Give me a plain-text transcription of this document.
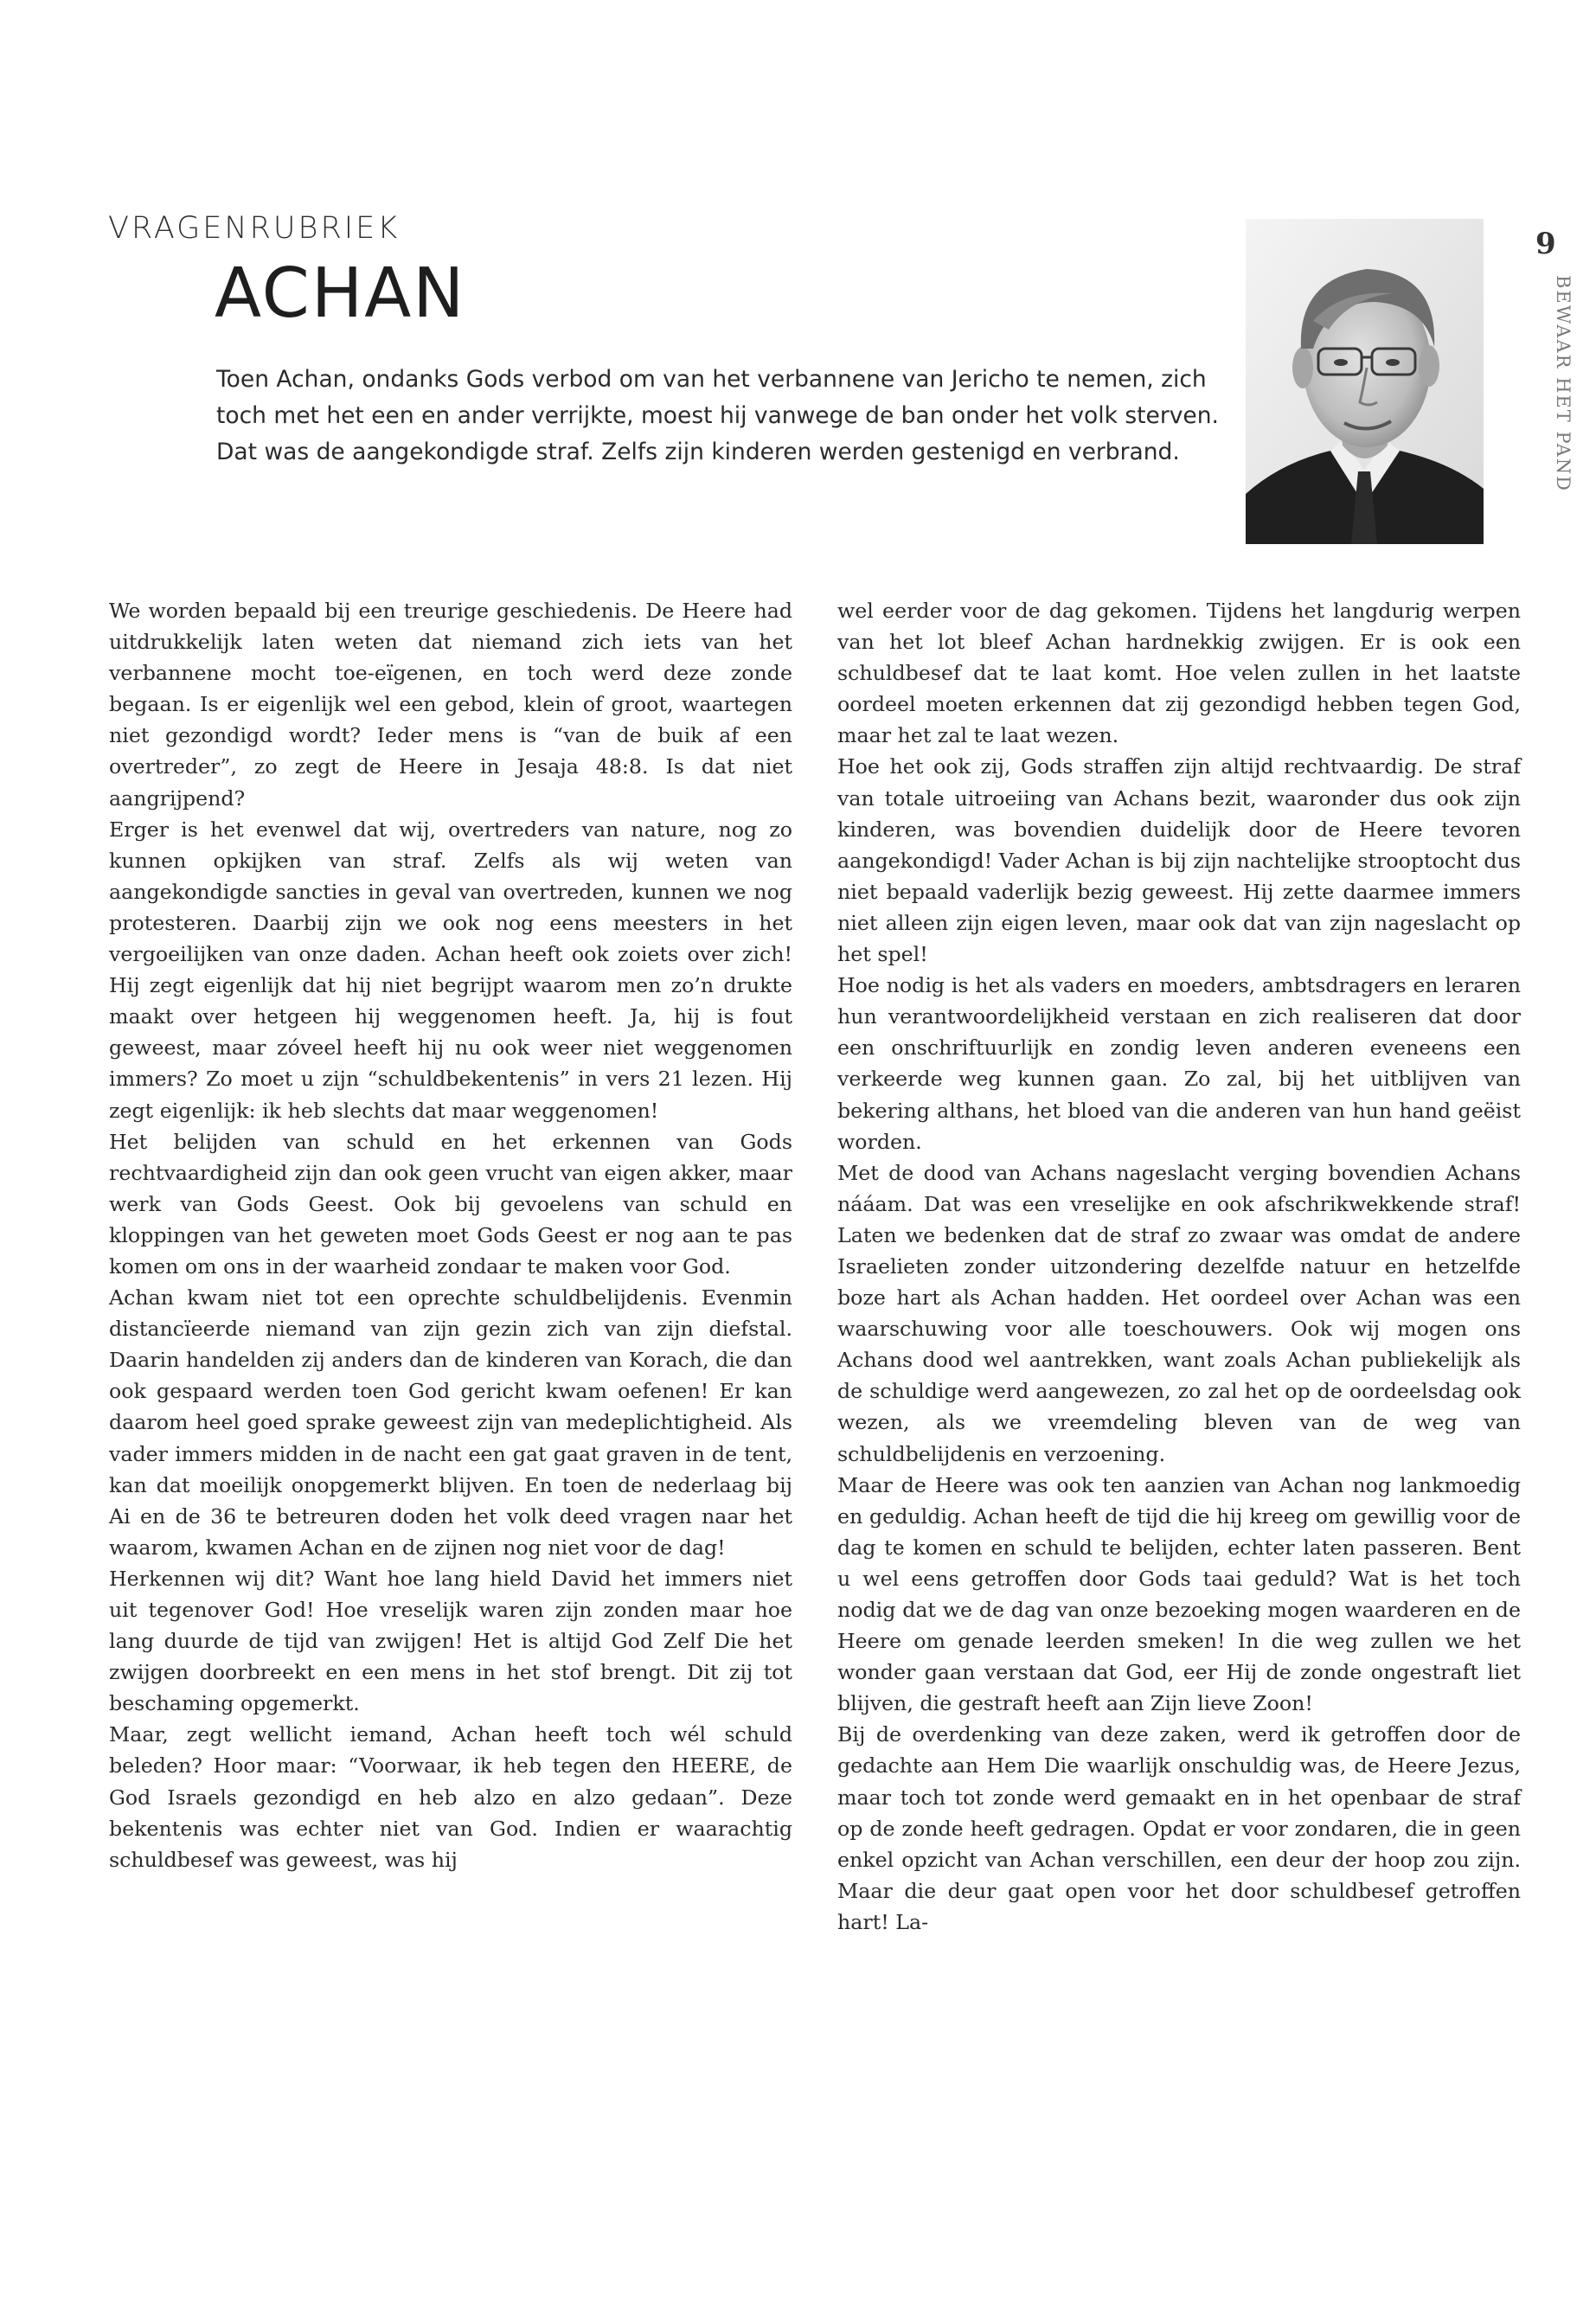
VRAGENRUBRIEK
ACHAN

Toen Achan, ondanks Gods verbod om van het verbannene van Jericho te nemen, zich toch met het een en ander verrijkte, moest hij vanwege de ban onder het volk sterven. Dat was de aangekondigde straf. Zelfs zijn kinderen werden gestenigd en verbrand.

9
BEWAAR HET PAND

We worden bepaald bij een treurige geschiedenis. De Heere had uitdrukkelijk laten weten dat niemand zich iets van het verbannene mocht toe-eïgenen, en toch werd deze zonde begaan. Is er eigenlijk wel een gebod, klein of groot, waartegen niet gezondigd wordt? Ieder mens is “van de buik af een overtreder”, zo zegt de Heere in Jesaja 48:8. Is dat niet aangrijpend?

Erger is het evenwel dat wij, overtreders van nature, nog zo kunnen opkijken van straf. Zelfs als wij weten van aangekondigde sancties in geval van overtreden, kunnen we nog protesteren. Daarbij zijn we ook nog eens meesters in het vergoeilijken van onze daden. Achan heeft ook zoiets over zich! Hij zegt eigenlijk dat hij niet begrijpt waarom men zo’n drukte maakt over hetgeen hij weggenomen heeft. Ja, hij is fout geweest, maar zóveel heeft hij nu ook weer niet weggenomen immers? Zo moet u zijn “schuldbekentenis” in vers 21 lezen. Hij zegt eigenlijk: ik heb slechts dat maar weggenomen!

Het belijden van schuld en het erkennen van Gods rechtvaardigheid zijn dan ook geen vrucht van eigen akker, maar werk van Gods Geest. Ook bij gevoelens van schuld en kloppingen van het geweten moet Gods Geest er nog aan te pas komen om ons in der waarheid zondaar te maken voor God.

Achan kwam niet tot een oprechte schuldbelijdenis. Evenmin distancïeerde niemand van zijn gezin zich van zijn diefstal. Daarin handelden zij anders dan de kinderen van Korach, die dan ook gespaard werden toen God gericht kwam oefenen! Er kan daarom heel goed sprake geweest zijn van medeplichtigheid. Als vader immers midden in de nacht een gat gaat graven in de tent, kan dat moeilijk onopgemerkt blijven. En toen de nederlaag bij Ai en de 36 te betreuren doden het volk deed vragen naar het waarom, kwamen Achan en de zijnen nog niet voor de dag!

Herkennen wij dit? Want hoe lang hield David het immers niet uit tegenover God! Hoe vreselijk waren zijn zonden maar hoe lang duurde de tijd van zwijgen! Het is altijd God Zelf Die het zwijgen doorbreekt en een mens in het stof brengt. Dit zij tot beschaming opgemerkt.

Maar, zegt wellicht iemand, Achan heeft toch wél schuld beleden? Hoor maar: “Voorwaar, ik heb tegen den HEERE, de God Israels gezondigd en heb alzo en alzo gedaan”. Deze bekentenis was echter niet van God. Indien er waarachtig schuldbesef was geweest, was hij

wel eerder voor de dag gekomen. Tijdens het langdurig werpen van het lot bleef Achan hardnekkig zwijgen. Er is ook een schuldbesef dat te laat komt. Hoe velen zullen in het laatste oordeel moeten erkennen dat zij gezondigd hebben tegen God, maar het zal te laat wezen.

Hoe het ook zij, Gods straffen zijn altijd rechtvaardig. De straf van totale uitroeiing van Achans bezit, waaronder dus ook zijn kinderen, was bovendien duidelijk door de Heere tevoren aangekondigd! Vader Achan is bij zijn nachtelijke strooptocht dus niet bepaald vaderlijk bezig geweest. Hij zette daarmee immers niet alleen zijn eigen leven, maar ook dat van zijn nageslacht op het spel!

Hoe nodig is het als vaders en moeders, ambtsdragers en leraren hun verantwoordelijkheid verstaan en zich realiseren dat door een onschriftuurlijk en zondig leven anderen eveneens een verkeerde weg kunnen gaan. Zo zal, bij het uitblijven van bekering althans, het bloed van die anderen van hun hand geëist worden.

Met de dood van Achans nageslacht verging bovendien Achans nááam. Dat was een vreselijke en ook afschrikwekkende straf! Laten we bedenken dat de straf zo zwaar was omdat de andere Israelieten zonder uitzondering dezelfde natuur en hetzelfde boze hart als Achan hadden. Het oordeel over Achan was een waarschuwing voor alle toeschouwers. Ook wij mogen ons Achans dood wel aantrekken, want zoals Achan publiekelijk als de schuldige werd aangewezen, zo zal het op de oordeelsdag ook wezen, als we vreemdeling bleven van de weg van schuldbelijdenis en verzoening.

Maar de Heere was ook ten aanzien van Achan nog lankmoedig en geduldig. Achan heeft de tijd die hij kreeg om gewillig voor de dag te komen en schuld te belijden, echter laten passeren. Bent u wel eens getroffen door Gods taai geduld? Wat is het toch nodig dat we de dag van onze bezoeking mogen waarderen en de Heere om genade leerden smeken! In die weg zullen we het wonder gaan verstaan dat God, eer Hij de zonde ongestraft liet blijven, die gestraft heeft aan Zijn lieve Zoon!

Bij de overdenking van deze zaken, werd ik getroffen door de gedachte aan Hem Die waarlijk onschuldig was, de Heere Jezus, maar toch tot zonde werd gemaakt en in het openbaar de straf op de zonde heeft gedragen. Opdat er voor zondaren, die in geen enkel opzicht van Achan verschillen, een deur der hoop zou zijn. Maar die deur gaat open voor het door schuldbesef getroffen hart! La-
